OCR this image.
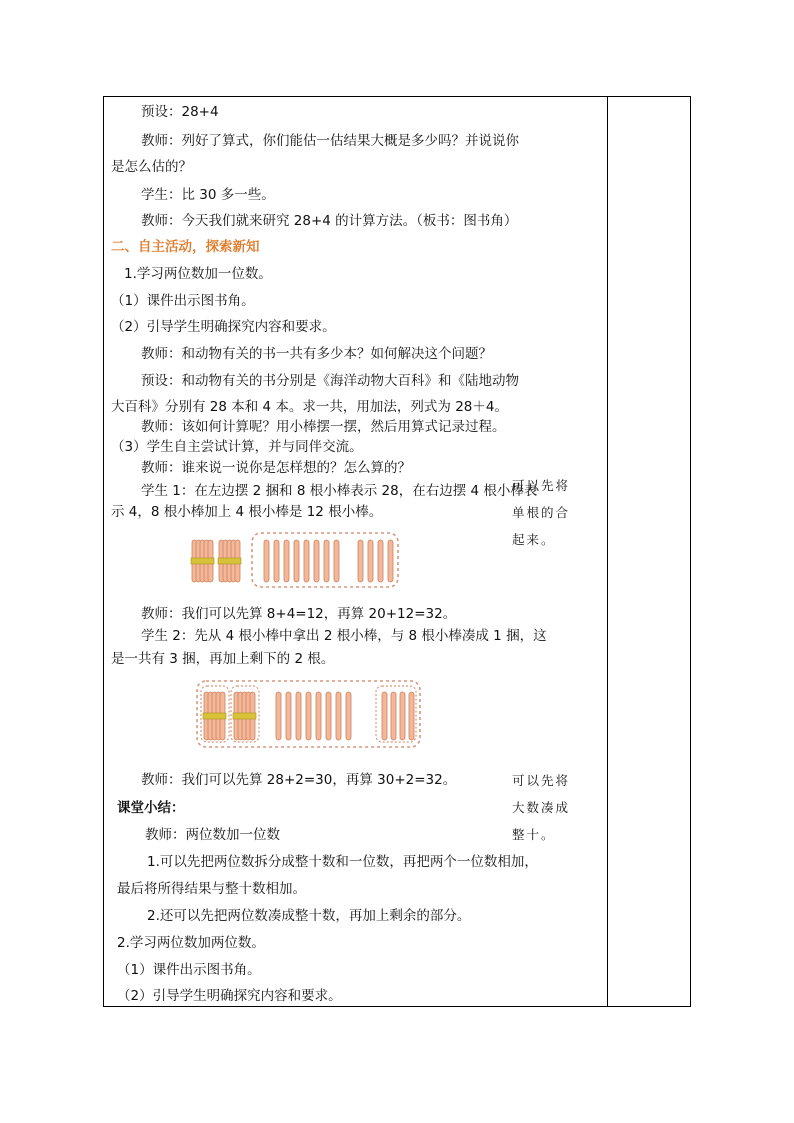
预设：28+4
教师：列好了算式，你们能估一估结果大概是多少吗？并说说你
是怎么估的？
学生：比 30 多一些。
教师：今天我们就来研究 28+4 的计算方法。（板书：图书角）
二、自主活动，探索新知
1.学习两位数加一位数。
（1）课件出示图书角。
（2）引导学生明确探究内容和要求。
教师：和动物有关的书一共有多少本？如何解决这个问题？
预设：和动物有关的书分别是《海洋动物大百科》和《陆地动物
大百科》分别有 28 本和 4 本。求一共，用加法，列式为 28＋4。
教师：该如何计算呢？用小棒摆一摆，然后用算式记录过程。
（3）学生自主尝试计算，并与同伴交流。
教师：谁来说一说你是怎样想的？怎么算的？
学生 1：在左边摆 2 捆和 8 根小棒表示 28，在右边摆 4 根小棒表
示 4，8 根小棒加上 4 根小棒是 12 根小棒。
教师：我们可以先算 8+4=12，再算 20+12=32。
学生 2：先从 4 根小棒中拿出 2 根小棒，与 8 根小棒凑成 1 捆，这
是一共有 3 捆，再加上剩下的 2 根。
教师：我们可以先算 28+2=30，再算 30+2=32。
课堂小结：
教师：两位数加一位数
1.可以先把两位数拆分成整十数和一位数，再把两个一位数相加，
最后将所得结果与整十数相加。
2.还可以先把两位数凑成整十数，再加上剩余的部分。
2.学习两位数加两位数。
（1）课件出示图书角。
（2）引导学生明确探究内容和要求。
可以先将
单根的合
起来。
可以先将
大数凑成
整十。
